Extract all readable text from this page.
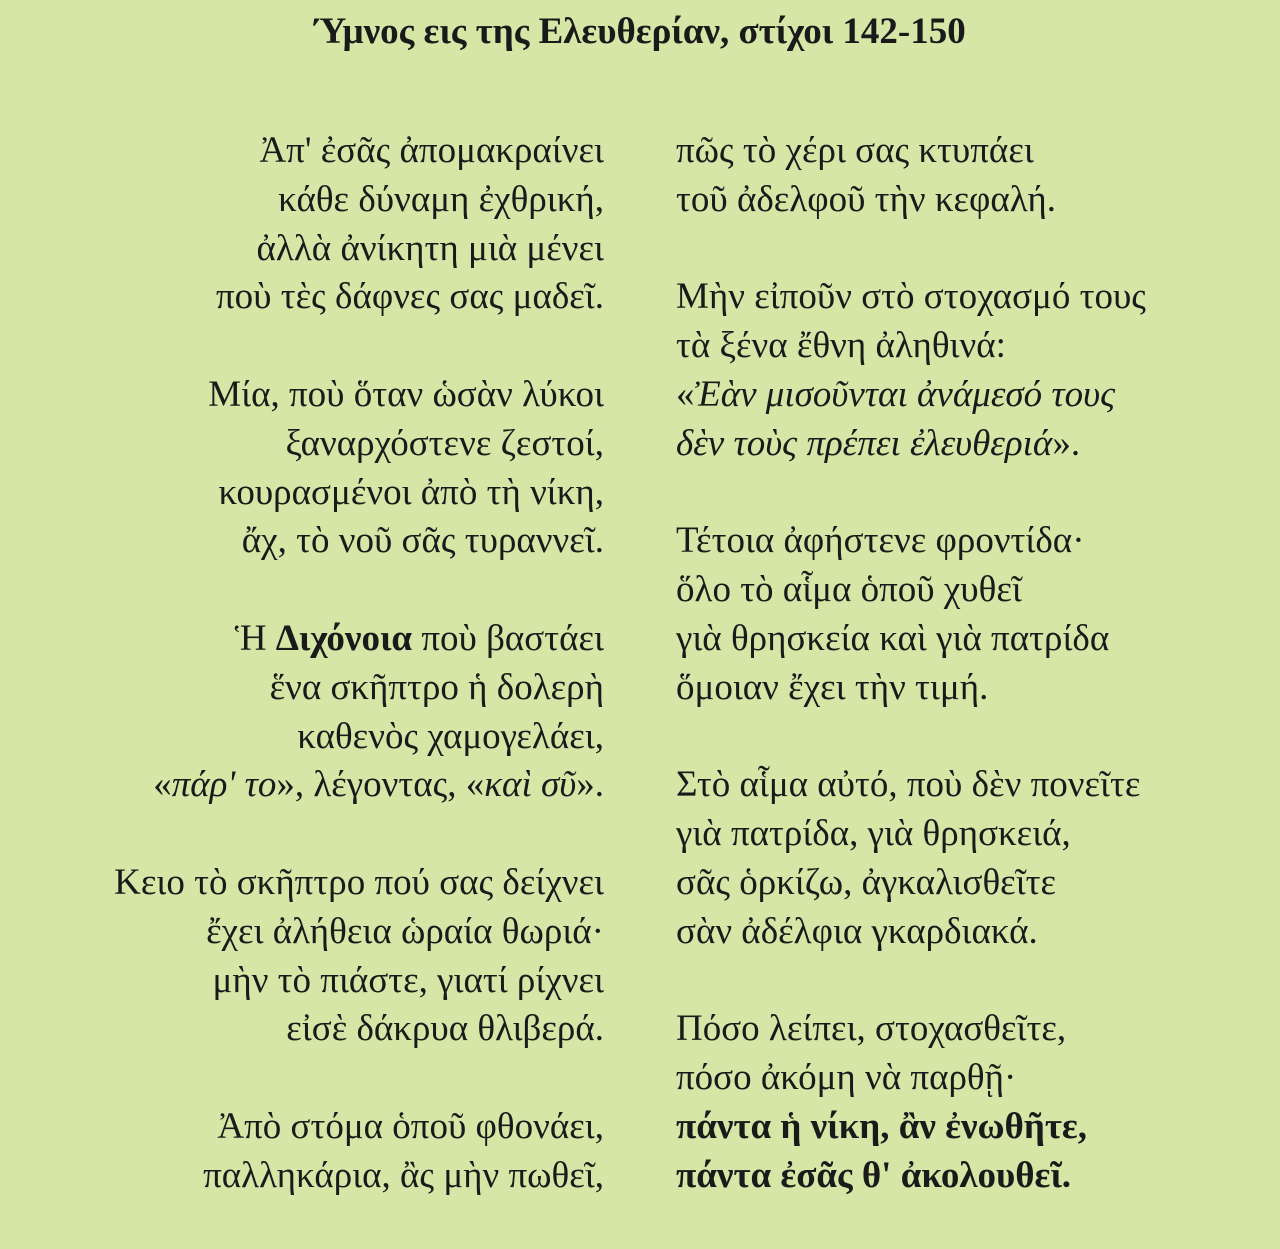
Ύμνος εις της Ελευθερίαν, στίχοι 142-150
Ἀπ' ἐσᾶς ἀπομακραίνει
κάθε δύναμη ἐχθρική,
ἀλλὰ ἀνίκητη μιὰ μένει
ποὺ τὲς δάφνες σας μαδεῖ.
Μία, ποὺ ὅταν ὡσὰν λύκοι
ξαναρχόστενε ζεστοί,
κουρασμένοι ἀπὸ τὴ νίκη,
ἄχ, τὸ νοῦ σᾶς τυραννεῖ.
Ἡ Διχόνοια ποὺ βαστάει
ἕνα σκῆπτρο ἡ δολερὴ
καθενὸς χαμογελάει,
«πάρ' το», λέγοντας, «καὶ σῦ».
Κειο τὸ σκῆπτρο πού σας δείχνει
ἔχει ἀλήθεια ὡραία θωριά·
μὴν τὸ πιάστε, γιατί ρίχνει
εἰσὲ δάκρυα θλιβερά.
Ἀπὸ στόμα ὁποῦ φθονάει,
παλληκάρια, ἂς μὴν πωθεῖ,
πῶς τὸ χέρι σας κτυπάει
τοῦ ἀδελφοῦ τὴν κεφαλή.
Μὴν εἰποῦν στὸ στοχασμό τους
τὰ ξένα ἔθνη ἀληθινά:
«Ἐὰν μισοῦνται ἀνάμεσό τους
δὲν τοὺς πρέπει ἐλευθεριά».
Τέτοια ἀφήστενε φροντίδα·
ὅλο τὸ αἷμα ὁποῦ χυθεῖ
γιὰ θρησκεία καὶ γιὰ πατρίδα
ὅμοιαν ἔχει τὴν τιμή.
Στὸ αἷμα αὐτό, ποὺ δὲν πονεῖτε
γιὰ πατρίδα, γιὰ θρησκειά,
σᾶς ὁρκίζω, ἀγκαλισθεῖτε
σὰν ἀδέλφια γκαρδιακά.
Πόσο λείπει, στοχασθεῖτε,
πόσο ἀκόμη νὰ παρθῇ·
πάντα ἡ νίκη, ἂν ἐνωθῆτε,
πάντα ἐσᾶς θ' ἀκολουθεῖ.
